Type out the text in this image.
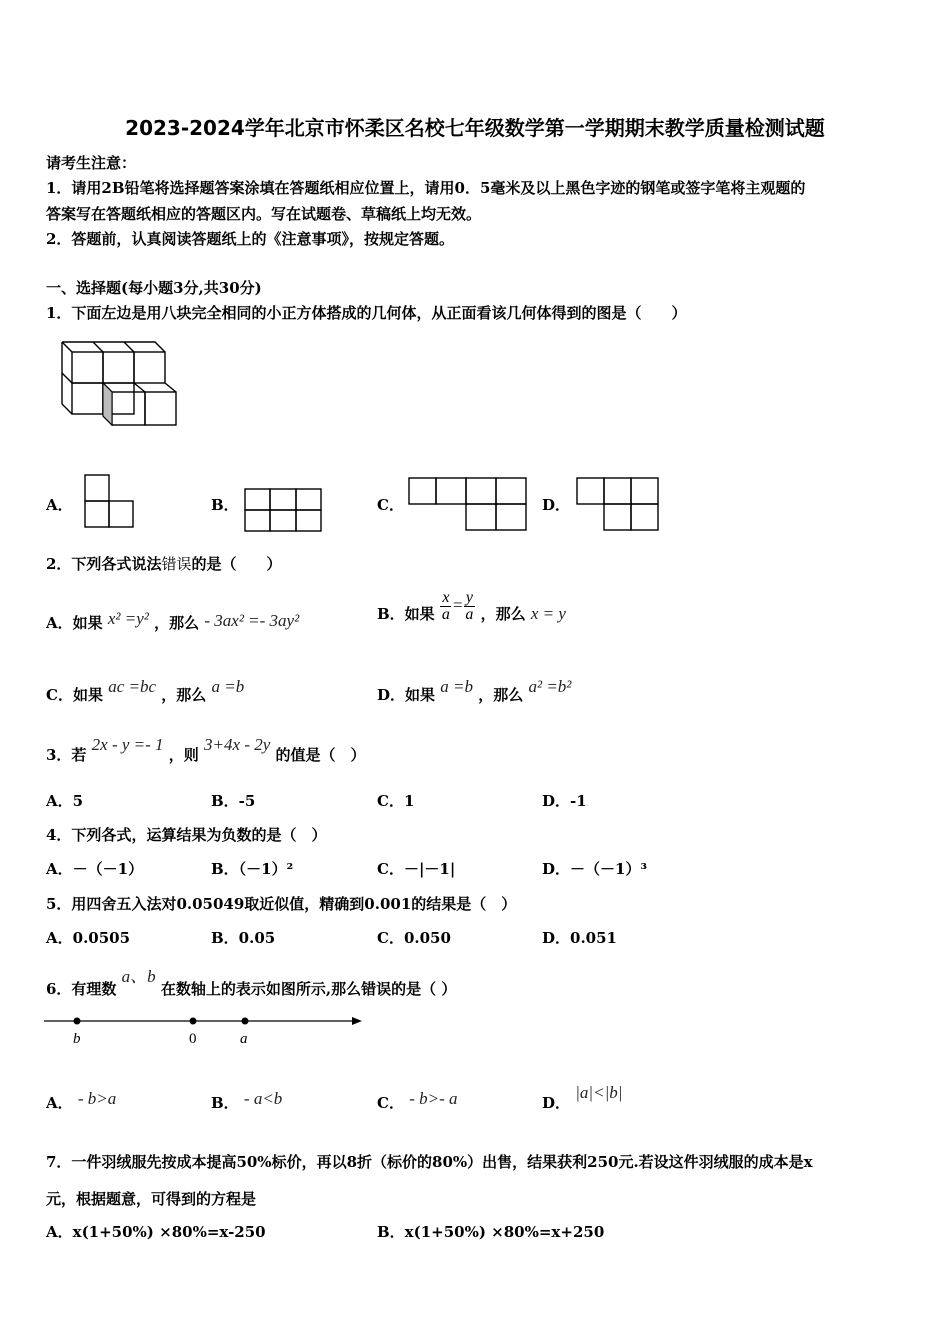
2023-2024学年北京市怀柔区名校七年级数学第一学期期末教学质量检测试题
请考生注意：
1．请用2B铅笔将选择题答案涂填在答题纸相应位置上，请用0．5毫米及以上黑色字迹的钢笔或签字笔将主观题的
答案写在答题纸相应的答题区内。写在试题卷、草稿纸上均无效。
2．答题前，认真阅读答题纸上的《注意事项》，按规定答题。
一、选择题(每小题3分,共30分)
1．下面左边是用八块完全相同的小正方体搭成的几何体，从正面看该几何体得到的图是（　　）
A．	B．	C．	D．
2．下列各式说法错误的是（　　）
A．如果 x² =y² ，那么 - 3ax² =- 3ay²	B．如果 $\frac{x}{a} = \frac{y}{a}$ ，那么 x = y
C．如果 ac =bc ，那么 a =b	D．如果 a =b ，那么 a² =b²
3．若 2x - y =- 1 ，则 3+4x - 2y 的值是（　）
A．5	B．-5	C．1	D．-1
4．下列各式，运算结果为负数的是（　）
A．－（－1）	B．（－1）²	C．－|－1|	D．－（－1）³
5．用四舍五入法对0.05049取近似值，精确到0.001的结果是（　）
A．0.0505	B．0.05	C．0.050	D．0.051
6．有理数 a、b 在数轴上的表示如图所示,那么错误的是（ ）
b	0	a
A． - b>a	B． - a<b	C． - b>- a	D． |a|<|b|
7．一件羽绒服先按成本提高50%标价，再以8折（标价的80%）出售，结果获利250元.若设这件羽绒服的成本是x
元，根据题意，可得到的方程是
A．x(1+50%) ×80%=x-250	B．x(1+50%) ×80%=x+250
